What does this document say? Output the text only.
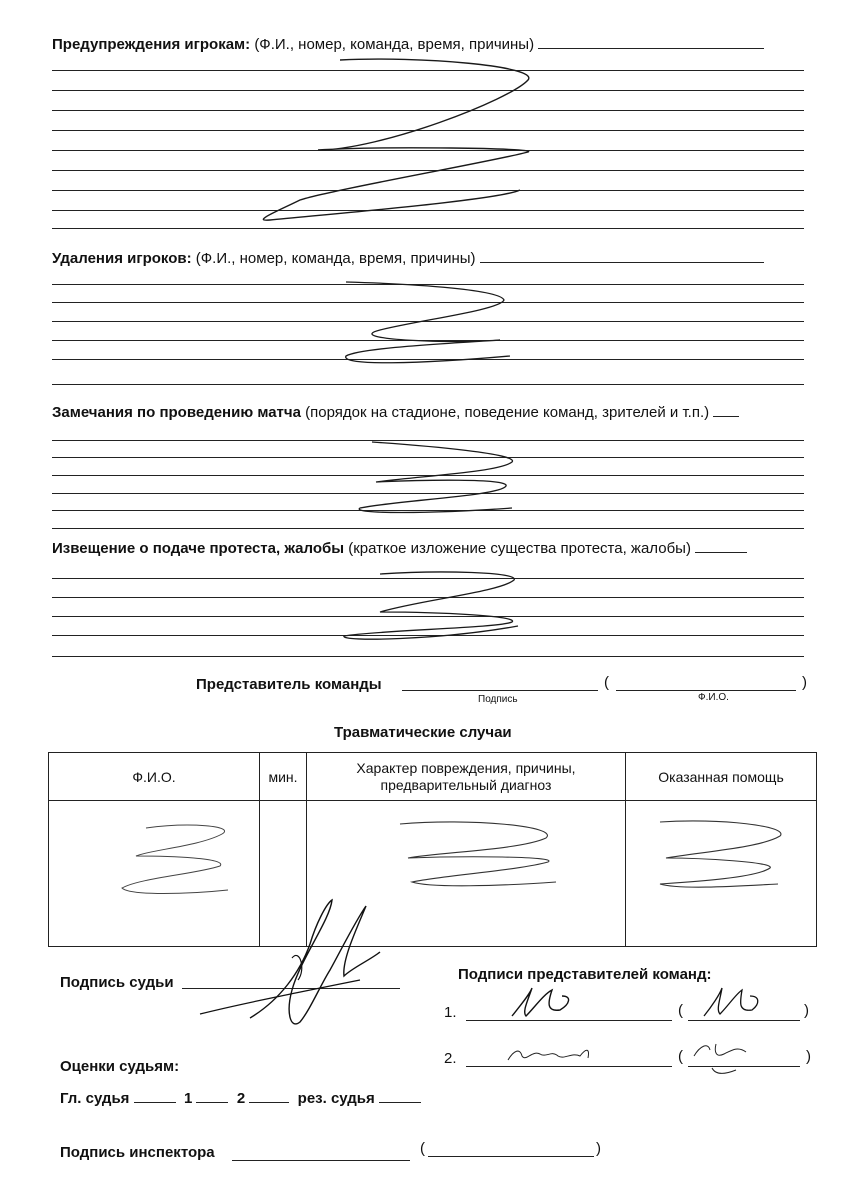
Предупреждения игрокам: (Ф.И., номер, команда, время, причины)
Удаления игроков: (Ф.И., номер, команда, время, причины)
Замечания по проведению матча (порядок на стадионе, поведение команд, зрителей и т.п.)
Извещение о подаче протеста, жалобы (краткое изложение существа протеста, жалобы)
Представитель команды	(	)
Подпись	Ф.И.О.
Травматические случаи
Ф.И.О.	мин.	Характер повреждения, причины, предварительный диагноз	Оказанная помощь

Подпись судьи	Подписи представителей команд:
1.	(	)
2.	(	)
Оценки судьям:
Гл. судья	1	2	рез. судья
Подпись инспектора	(	)
